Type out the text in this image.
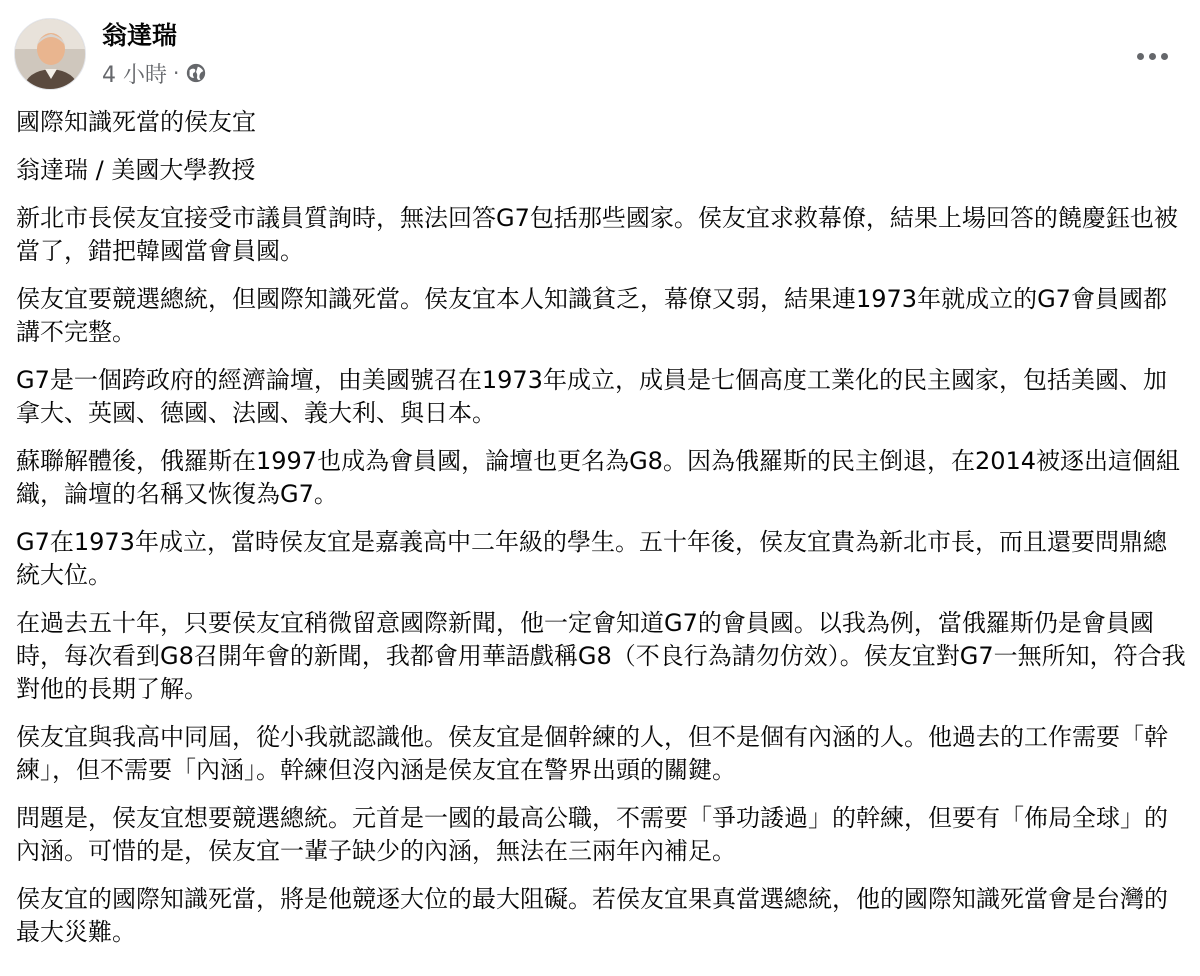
翁達瑞
4 小時 ·

國際知識死當的侯友宜

翁達瑞 / 美國大學教授

新北市長侯友宜接受市議員質詢時，無法回答G7包括那些國家。侯友宜求救幕僚，結果上場回答的饒慶鈺也被當了，錯把韓國當會員國。

侯友宜要競選總統，但國際知識死當。侯友宜本人知識貧乏，幕僚又弱，結果連1973年就成立的G7會員國都講不完整。

G7是一個跨政府的經濟論壇，由美國號召在1973年成立，成員是七個高度工業化的民主國家，包括美國、加拿大、英國、德國、法國、義大利、與日本。

蘇聯解體後，俄羅斯在1997也成為會員國，論壇也更名為G8。因為俄羅斯的民主倒退，在2014被逐出這個組織，論壇的名稱又恢復為G7。

G7在1973年成立，當時侯友宜是嘉義高中二年級的學生。五十年後，侯友宜貴為新北市長，而且還要問鼎總統大位。

在過去五十年，只要侯友宜稍微留意國際新聞，他一定會知道G7的會員國。以我為例，當俄羅斯仍是會員國時，每次看到G8召開年會的新聞，我都會用華語戲稱G8（不良行為請勿仿效）。侯友宜對G7一無所知，符合我對他的長期了解。

侯友宜與我高中同屆，從小我就認識他。侯友宜是個幹練的人，但不是個有內涵的人。他過去的工作需要「幹練」，但不需要「內涵」。幹練但沒內涵是侯友宜在警界出頭的關鍵。

問題是，侯友宜想要競選總統。元首是一國的最高公職，不需要「爭功諉過」的幹練，但要有「佈局全球」的內涵。可惜的是，侯友宜一輩子缺少的內涵，無法在三兩年內補足。

侯友宜的國際知識死當，將是他競逐大位的最大阻礙。若侯友宜果真當選總統，他的國際知識死當會是台灣的最大災難。
